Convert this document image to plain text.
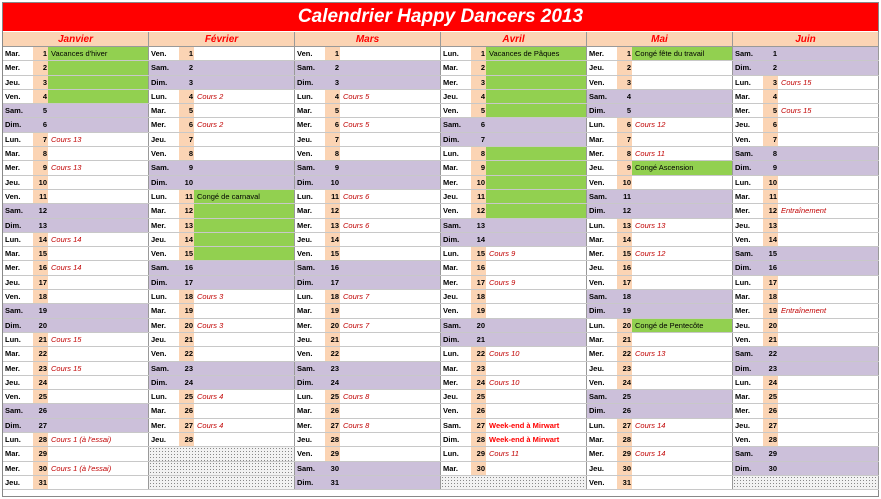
Calendrier Happy Dancers 2013
Janvier
Mar.	1 Vacances d'hiver
Mer.	2
Jeu.	3
Ven.	4
Sam.	5
Dim.	6
Lun.	7 Cours 13
Mar.	8
Mer.	9 Cours 13
Jeu.	10
Ven.	11
Sam.	12
Dim.	13
Lun.	14 Cours 14
Mar.	15
Mer.	16 Cours 14
Jeu.	17
Ven.	18
Sam.	19
Dim.	20
Lun.	21 Cours 15
Mar.	22
Mer.	23 Cours 15
Jeu.	24
Ven.	25
Sam.	26
Dim.	27
Lun.	28 Cours 1 (à l'essai)
Mar.	29
Mer.	30 Cours 1 (à l'essai)
Jeu.	31
Février
Ven.	1
Sam.	2
Dim.	3
Lun.	4 Cours 2
Mar.	5
Mer.	6 Cours 2
Jeu.	7
Ven.	8
Sam.	9
Dim.	10
Lun.	11 Congé de carnaval
Mar.	12
Mer.	13
Jeu.	14
Ven.	15
Sam.	16
Dim.	17
Lun.	18 Cours 3
Mar.	19
Mer.	20 Cours 3
Jeu.	21
Ven.	22
Sam.	23
Dim.	24
Lun.	25 Cours 4
Mar.	26
Mer.	27 Cours 4
Jeu.	28
Mars
Ven.	1
Sam.	2
Dim.	3
Lun.	4 Cours 5
Mar.	5
Mer.	6 Cours 5
Jeu.	7
Ven.	8
Sam.	9
Dim.	10
Lun.	11 Cours 6
Mar.	12
Mer.	13 Cours 6
Jeu.	14
Ven.	15
Sam.	16
Dim.	17
Lun.	18 Cours 7
Mar.	19
Mer.	20 Cours 7
Jeu.	21
Ven.	22
Sam.	23
Dim.	24
Lun.	25 Cours 8
Mar.	26
Mer.	27 Cours 8
Jeu.	28
Ven.	29
Sam.	30
Dim.	31
Avril
Lun.	1 Vacances de Pâques
Mar.	2
Mer.	3
Jeu.	4
Ven.	5
Sam.	6
Dim.	7
Lun.	8
Mar.	9
Mer.	10
Jeu.	11
Ven.	12
Sam.	13
Dim.	14
Lun.	15 Cours 9
Mar.	16
Mer.	17 Cours 9
Jeu.	18
Ven.	19
Sam.	20
Dim.	21
Lun.	22 Cours 10
Mar.	23
Mer.	24 Cours 10
Jeu.	25
Ven.	26
Sam.	27 Week-end à Mirwart
Dim.	28 Week-end à Mirwart
Lun.	29 Cours 11
Mar.	30
Mai
Mer.	1 Congé fête du travail
Jeu.	2
Ven.	3
Sam.	4
Dim.	5
Lun.	6 Cours 12
Mar.	7
Mer.	8 Cours 11
Jeu.	9 Congé Ascension
Ven.	10
Sam.	11
Dim.	12
Lun.	13 Cours 13
Mar.	14
Mer.	15 Cours 12
Jeu.	16
Ven.	17
Sam.	18
Dim.	19
Lun.	20 Congé de Pentecôte
Mar.	21
Mer.	22 Cours 13
Jeu.	23
Ven.	24
Sam.	25
Dim.	26
Lun.	27 Cours 14
Mar.	28
Mer.	29 Cours 14
Jeu.	30
Ven.	31
Juin
Sam.	1
Dim.	2
Lun.	3 Cours 15
Mar.	4
Mer.	5 Cours 15
Jeu.	6
Ven.	7
Sam.	8
Dim.	9
Lun.	10
Mar.	11
Mer.	12 Entraînement
Jeu.	13
Ven.	14
Sam.	15
Dim.	16
Lun.	17
Mar.	18
Mer.	19 Entraînement
Jeu.	20
Ven.	21
Sam.	22
Dim.	23
Lun.	24
Mar.	25
Mer.	26
Jeu.	27
Ven.	28
Sam.	29
Dim.	30
